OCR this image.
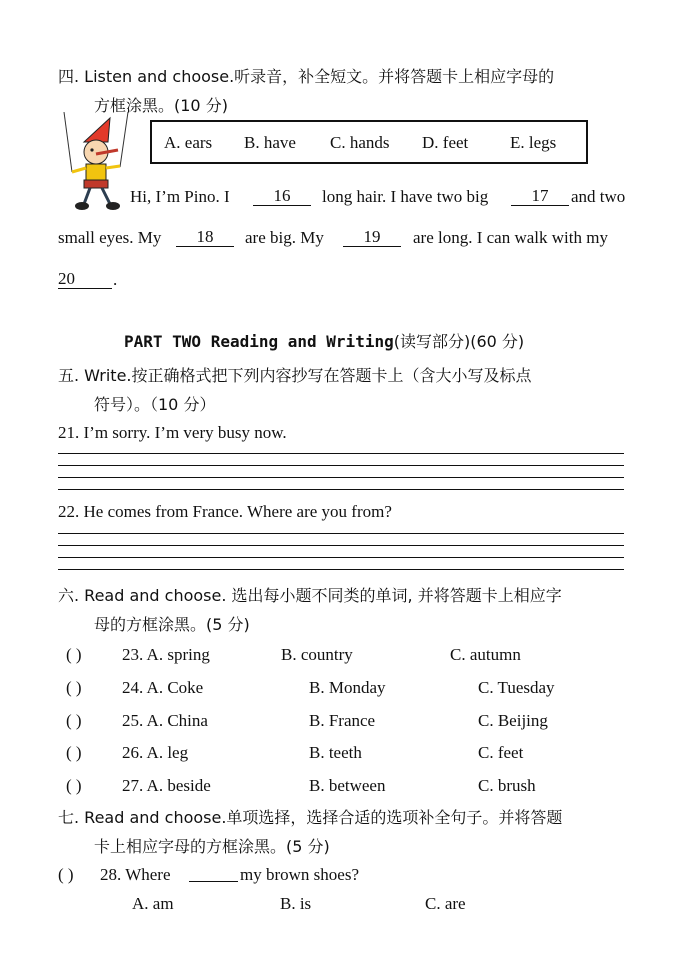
四. Listen and choose.听录音，补全短文。并将答题卡上相应字母的
方框涂黑。(10 分)
A. ears B. have C. hands D. feet E. legs
Hi, I’m Pino. I	16	long hair. I have two big	17	and two
small eyes. My	18	are big. My	19	are long. I can walk with my
20	.
PART TWO Reading and Writing(读写部分)(60 分)
五. Write.按正确格式把下列内容抄写在答题卡上（含大小写及标点
符号）。（10 分）
21. I’m sorry. I’m very busy now.
22. He comes from France. Where are you from?
六. Read and choose. 选出每小题不同类的单词, 并将答题卡上相应字
母的方框涂黑。(5 分)
( ) 23. A. spring	B. country	C. autumn
( ) 24. A. Coke	B. Monday	C. Tuesday
( ) 25. A. China	B. France	C. Beijing
( ) 26. A. leg	B. teeth	C. feet
( ) 27. A. beside	B. between	C. brush
七. Read and choose.单项选择，选择合适的选项补全句子。并将答题
卡上相应字母的方框涂黑。(5 分)
( ) 28. Where	my brown shoes?
A. am	B. is	C. are
